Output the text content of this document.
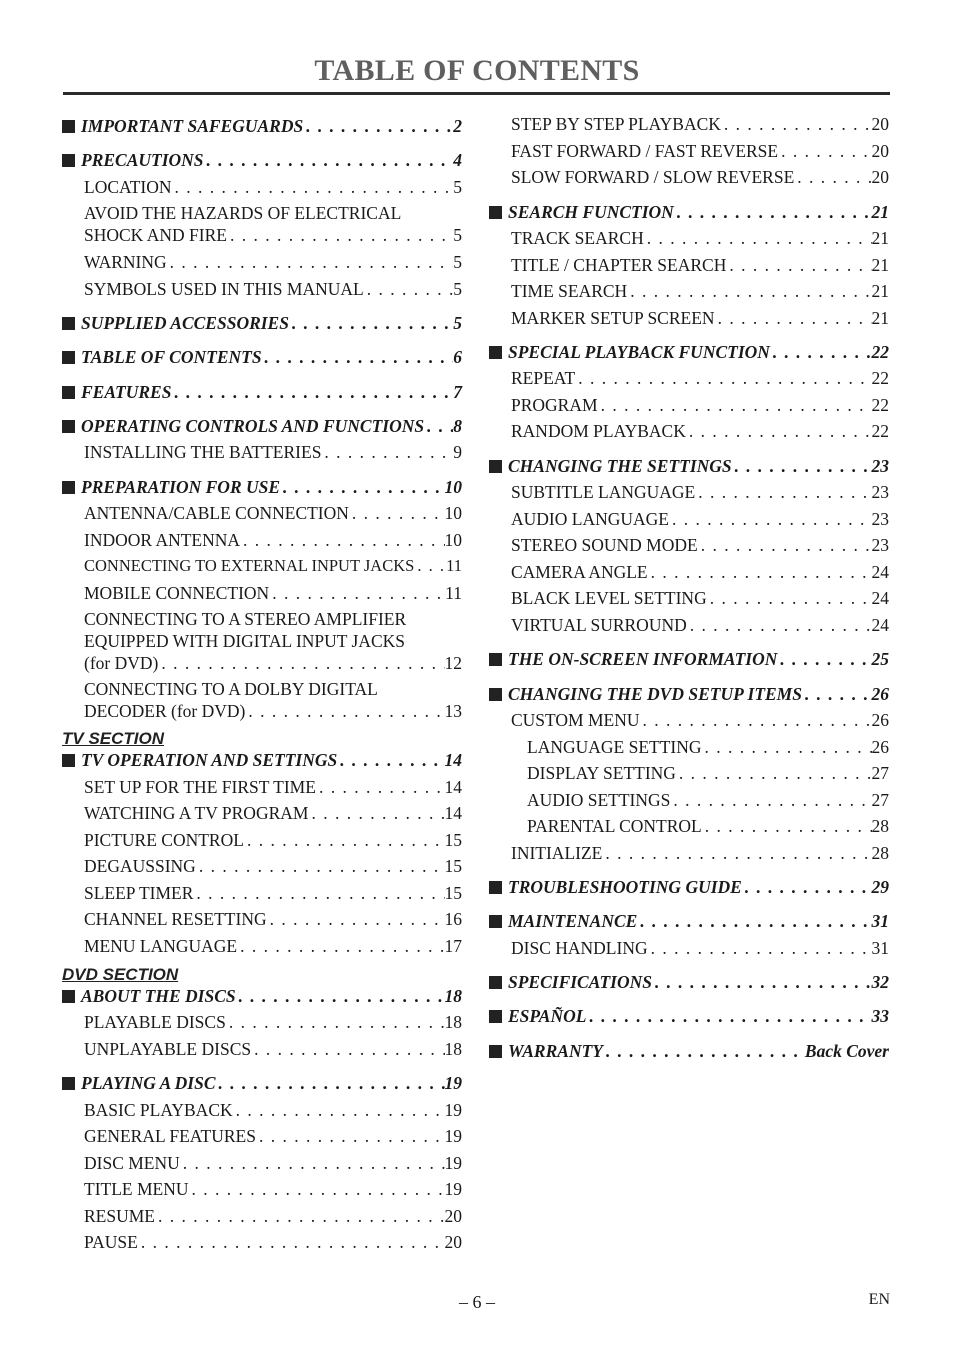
TABLE OF CONTENTS
IMPORTANT SAFEGUARDS . . .	2
PRECAUTIONS . . .	4
LOCATION . . .	5
AVOID THE HAZARDS OF ELECTRICAL
SHOCK AND FIRE . . .	5
WARNING . . .	5
SYMBOLS USED IN THIS MANUAL . . .	5
SUPPLIED ACCESSORIES . . .	5
TABLE OF CONTENTS . . .	6
FEATURES . . .	7
OPERATING CONTROLS AND FUNCTIONS . . . 8
INSTALLING THE BATTERIES . . .	9
PREPARATION FOR USE . . .	10
ANTENNA/CABLE CONNECTION . . .	10
INDOOR ANTENNA . . .	10
CONNECTING TO EXTERNAL INPUT JACKS . . . 11
MOBILE CONNECTION . . .	11
CONNECTING TO A STEREO AMPLIFIER
EQUIPPED WITH DIGITAL INPUT JACKS
(for DVD) . . .	12
CONNECTING TO A DOLBY DIGITAL
DECODER (for DVD) . . .	13
TV SECTION
TV OPERATION AND SETTINGS . . .	14
SET UP FOR THE FIRST TIME . . .	14
WATCHING A TV PROGRAM . . .	14
PICTURE CONTROL . . .	15
DEGAUSSING . . .	15
SLEEP TIMER . . .	15
CHANNEL RESETTING . . .	16
MENU LANGUAGE . . .	17
DVD SECTION
ABOUT THE DISCS . . .	18
PLAYABLE DISCS . . .	18
UNPLAYABLE DISCS . . .	18
PLAYING A DISC . . .	19
BASIC PLAYBACK . . .	19
GENERAL FEATURES . . .	19
DISC MENU . . .	19
TITLE MENU . . .	19
RESUME . . .	20
PAUSE . . .	20
STEP BY STEP PLAYBACK . . .	20
FAST FORWARD / FAST REVERSE . . .	20
SLOW FORWARD / SLOW REVERSE . . .	20
SEARCH FUNCTION . . .	21
TRACK SEARCH . . .	21
TITLE / CHAPTER SEARCH . . .	21
TIME SEARCH . . .	21
MARKER SETUP SCREEN . . .	21
SPECIAL PLAYBACK FUNCTION . . .	22
REPEAT . . .	22
PROGRAM . . .	22
RANDOM PLAYBACK . . .	22
CHANGING THE SETTINGS . . .	23
SUBTITLE LANGUAGE . . .	23
AUDIO LANGUAGE . . .	23
STEREO SOUND MODE . . .	23
CAMERA ANGLE . . .	24
BLACK LEVEL SETTING . . .	24
VIRTUAL SURROUND . . .	24
THE ON-SCREEN INFORMATION . . .	25
CHANGING THE DVD SETUP ITEMS . . .	26
CUSTOM MENU . . .	26
LANGUAGE SETTING . . .	26
DISPLAY SETTING . . .	27
AUDIO SETTINGS . . .	27
PARENTAL CONTROL . . .	28
INITIALIZE . . .	28
TROUBLESHOOTING GUIDE . . .	29
MAINTENANCE . . .	31
DISC HANDLING . . .	31
SPECIFICATIONS . . .	32
ESPAÑOL . . .	33
WARRANTY . . .	Back Cover
– 6 –	EN
